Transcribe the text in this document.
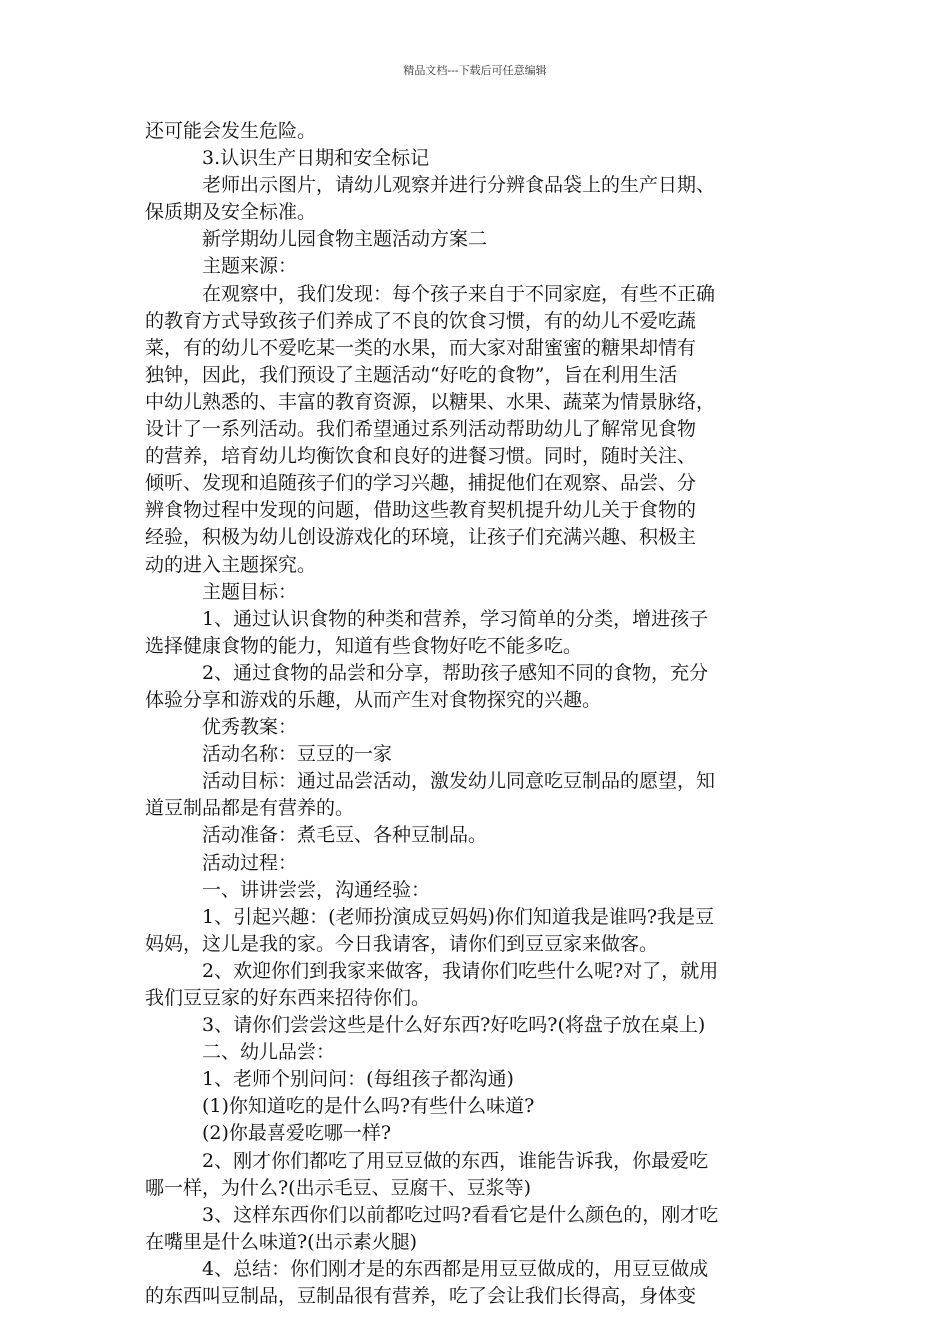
精品文档---下载后可任意编辑
还可能会发生危险。
3.认识生产日期和安全标记
老师出示图片，请幼儿观察并进行分辨食品袋上的生产日期、
保质期及安全标准。
新学期幼儿园食物主题活动方案二
主题来源：
在观察中，我们发现：每个孩子来自于不同家庭，有些不正确
的教育方式导致孩子们养成了不良的饮食习惯，有的幼儿不爱吃蔬
菜，有的幼儿不爱吃某一类的水果，而大家对甜蜜蜜的糖果却情有
独钟，因此，我们预设了主题活动“好吃的食物”，旨在利用生活
中幼儿熟悉的、丰富的教育资源，以糖果、水果、蔬菜为情景脉络，
设计了一系列活动。我们希望通过系列活动帮助幼儿了解常见食物
的营养，培育幼儿均衡饮食和良好的进餐习惯。同时，随时关注、
倾听、发现和追随孩子们的学习兴趣，捕捉他们在观察、品尝、分
辨食物过程中发现的问题，借助这些教育契机提升幼儿关于食物的
经验，积极为幼儿创设游戏化的环境，让孩子们充满兴趣、积极主
动的进入主题探究。
主题目标：
1、通过认识食物的种类和营养，学习简单的分类，增进孩子
选择健康食物的能力，知道有些食物好吃不能多吃。
2、通过食物的品尝和分享，帮助孩子感知不同的食物，充分
体验分享和游戏的乐趣，从而产生对食物探究的兴趣。
优秀教案：
活动名称：豆豆的一家
活动目标：通过品尝活动，激发幼儿同意吃豆制品的愿望，知
道豆制品都是有营养的。
活动准备：煮毛豆、各种豆制品。
活动过程：
一、讲讲尝尝，沟通经验：
1、引起兴趣：(老师扮演成豆妈妈)你们知道我是谁吗?我是豆
妈妈，这儿是我的家。今日我请客，请你们到豆豆家来做客。
2、欢迎你们到我家来做客，我请你们吃些什么呢?对了，就用
我们豆豆家的好东西来招待你们。
3、请你们尝尝这些是什么好东西?好吃吗?(将盘子放在桌上)
二、幼儿品尝：
1、老师个别问问：(每组孩子都沟通)
(1)你知道吃的是什么吗?有些什么味道?
(2)你最喜爱吃哪一样?
2、刚才你们都吃了用豆豆做的东西，谁能告诉我，你最爱吃
哪一样，为什么?(出示毛豆、豆腐干、豆浆等)
3、这样东西你们以前都吃过吗?看看它是什么颜色的，刚才吃
在嘴里是什么味道?(出示素火腿)
4、总结：你们刚才是的东西都是用豆豆做成的，用豆豆做成
的东西叫豆制品，豆制品很有营养，吃了会让我们长得高，身体变
